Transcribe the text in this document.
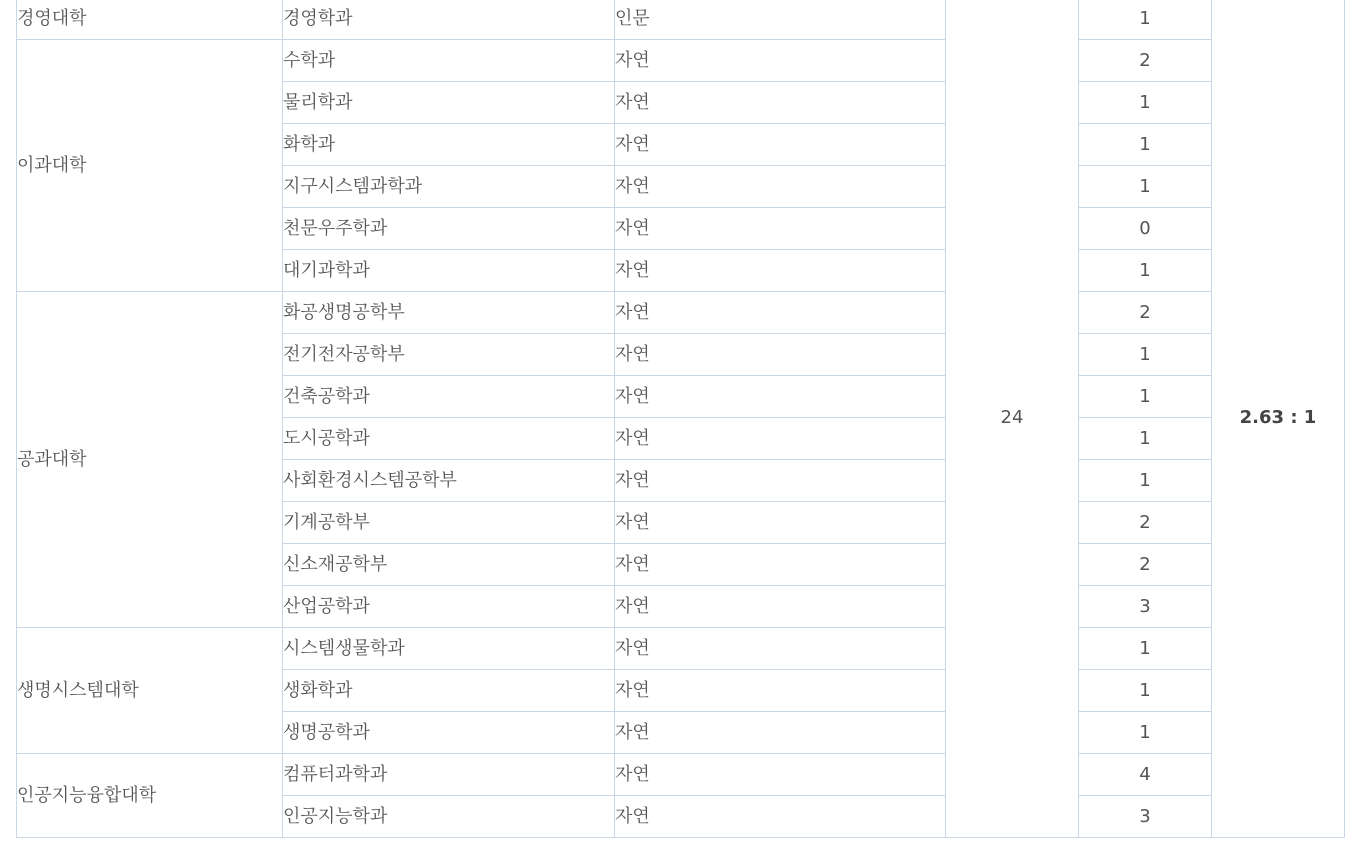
경영대학	경영학과	인문	24	1	2.63 : 1
이과대학	수학과	자연		2	
	물리학과	자연		1	
	화학과	자연		1	
	지구시스템과학과	자연		1	
	천문우주학과	자연		0	
	대기과학과	자연		1	
공과대학	화공생명공학부	자연		2	
	전기전자공학부	자연		1	
	건축공학과	자연		1	
	도시공학과	자연		1	
	사회환경시스템공학부	자연		1	
	기계공학부	자연		2	
	신소재공학부	자연		2	
	산업공학과	자연		3	
생명시스템대학	시스템생물학과	자연		1	
	생화학과	자연		1	
	생명공학과	자연		1	
인공지능융합대학	컴퓨터과학과	자연		4	
	인공지능학과	자연		3	
